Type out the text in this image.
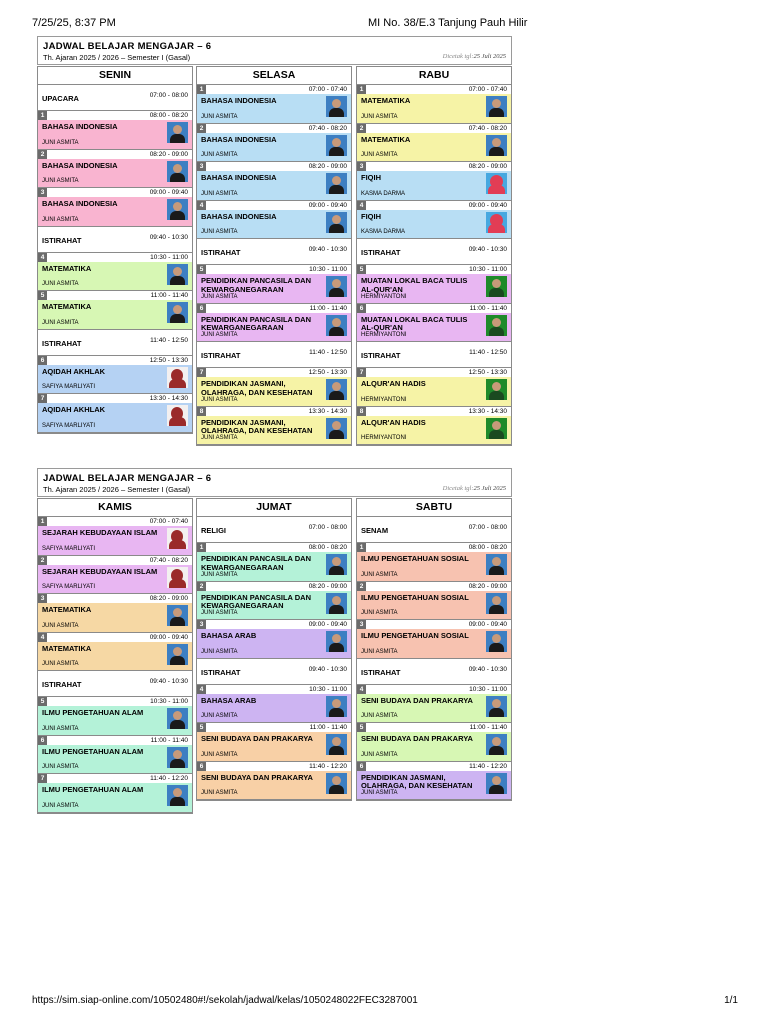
7/25/25, 8:37 PM	MI No. 38/E.3 Tanjung Pauh Hilir
JADWAL BELAJAR MENGAJAR – 6
Th. Ajaran 2025 / 2026 – Semester I (Gasal)	Dicetak tgl:25 Juli 2025
SENIN
UPACARA	07:00 - 08:00
1	08:00 - 08:20
BAHASA INDONESIA
JUNI ASMITA
2	08:20 - 09:00
BAHASA INDONESIA
JUNI ASMITA
3	09:00 - 09:40
BAHASA INDONESIA
JUNI ASMITA
ISTIRAHAT	09:40 - 10:30
4	10:30 - 11:00
MATEMATIKA
JUNI ASMITA
5	11:00 - 11:40
MATEMATIKA
JUNI ASMITA
ISTIRAHAT	11:40 - 12:50
6	12:50 - 13:30
AQIDAH AKHLAK
SAFIYA MARLIYATI
7	13:30 - 14:30
AQIDAH AKHLAK
SAFIYA MARLIYATI
SELASA
1	07:00 - 07:40
BAHASA INDONESIA
JUNI ASMITA
2	07:40 - 08:20
BAHASA INDONESIA
JUNI ASMITA
3	08:20 - 09:00
BAHASA INDONESIA
JUNI ASMITA
4	09:00 - 09:40
BAHASA INDONESIA
JUNI ASMITA
ISTIRAHAT	09:40 - 10:30
5	10:30 - 11:00
PENDIDIKAN PANCASILA DAN KEWARGANEGARAAN
JUNI ASMITA
6	11:00 - 11:40
PENDIDIKAN PANCASILA DAN KEWARGANEGARAAN
JUNI ASMITA
ISTIRAHAT	11:40 - 12:50
7	12:50 - 13:30
PENDIDIKAN JASMANI, OLAHRAGA, DAN KESEHATAN
JUNI ASMITA
8	13:30 - 14:30
PENDIDIKAN JASMANI, OLAHRAGA, DAN KESEHATAN
JUNI ASMITA
RABU
1	07:00 - 07:40
MATEMATIKA
JUNI ASMITA
2	07:40 - 08:20
MATEMATIKA
JUNI ASMITA
3	08:20 - 09:00
FIQIH
KASMA DARMA
4	09:00 - 09:40
FIQIH
KASMA DARMA
ISTIRAHAT	09:40 - 10:30
5	10:30 - 11:00
MUATAN LOKAL BACA TULIS AL-QUR'AN
HERMIYANTONI
6	11:00 - 11:40
MUATAN LOKAL BACA TULIS AL-QUR'AN
HERMIYANTONI
ISTIRAHAT	11:40 - 12:50
7	12:50 - 13:30
ALQUR'AN HADIS
HERMIYANTONI
8	13:30 - 14:30
ALQUR'AN HADIS
HERMIYANTONI
JADWAL BELAJAR MENGAJAR – 6
Th. Ajaran 2025 / 2026 – Semester I (Gasal)	Dicetak tgl:25 Juli 2025
KAMIS
1	07:00 - 07:40
SEJARAH KEBUDAYAAN ISLAM
SAFIYA MARLIYATI
2	07:40 - 08:20
SEJARAH KEBUDAYAAN ISLAM
SAFIYA MARLIYATI
3	08:20 - 09:00
MATEMATIKA
JUNI ASMITA
4	09:00 - 09:40
MATEMATIKA
JUNI ASMITA
ISTIRAHAT	09:40 - 10:30
5	10:30 - 11:00
ILMU PENGETAHUAN ALAM
JUNI ASMITA
6	11:00 - 11:40
ILMU PENGETAHUAN ALAM
JUNI ASMITA
7	11:40 - 12:20
ILMU PENGETAHUAN ALAM
JUNI ASMITA
JUMAT
RELIGI	07:00 - 08:00
1	08:00 - 08:20
PENDIDIKAN PANCASILA DAN KEWARGANEGARAAN
JUNI ASMITA
2	08:20 - 09:00
PENDIDIKAN PANCASILA DAN KEWARGANEGARAAN
JUNI ASMITA
3	09:00 - 09:40
BAHASA ARAB
JUNI ASMITA
ISTIRAHAT	09:40 - 10:30
4	10:30 - 11:00
BAHASA ARAB
JUNI ASMITA
5	11:00 - 11:40
SENI BUDAYA DAN PRAKARYA
JUNI ASMITA
6	11:40 - 12:20
SENI BUDAYA DAN PRAKARYA
JUNI ASMITA
SABTU
SENAM	07:00 - 08:00
1	08:00 - 08:20
ILMU PENGETAHUAN SOSIAL
JUNI ASMITA
2	08:20 - 09:00
ILMU PENGETAHUAN SOSIAL
JUNI ASMITA
3	09:00 - 09:40
ILMU PENGETAHUAN SOSIAL
JUNI ASMITA
ISTIRAHAT	09:40 - 10:30
4	10:30 - 11:00
SENI BUDAYA DAN PRAKARYA
JUNI ASMITA
5	11:00 - 11:40
SENI BUDAYA DAN PRAKARYA
JUNI ASMITA
6	11:40 - 12:20
PENDIDIKAN JASMANI, OLAHRAGA, DAN KESEHATAN
JUNI ASMITA
https://sim.siap-online.com/10502480#!/sekolah/jadwal/kelas/1050248022FEC3287001	1/1
